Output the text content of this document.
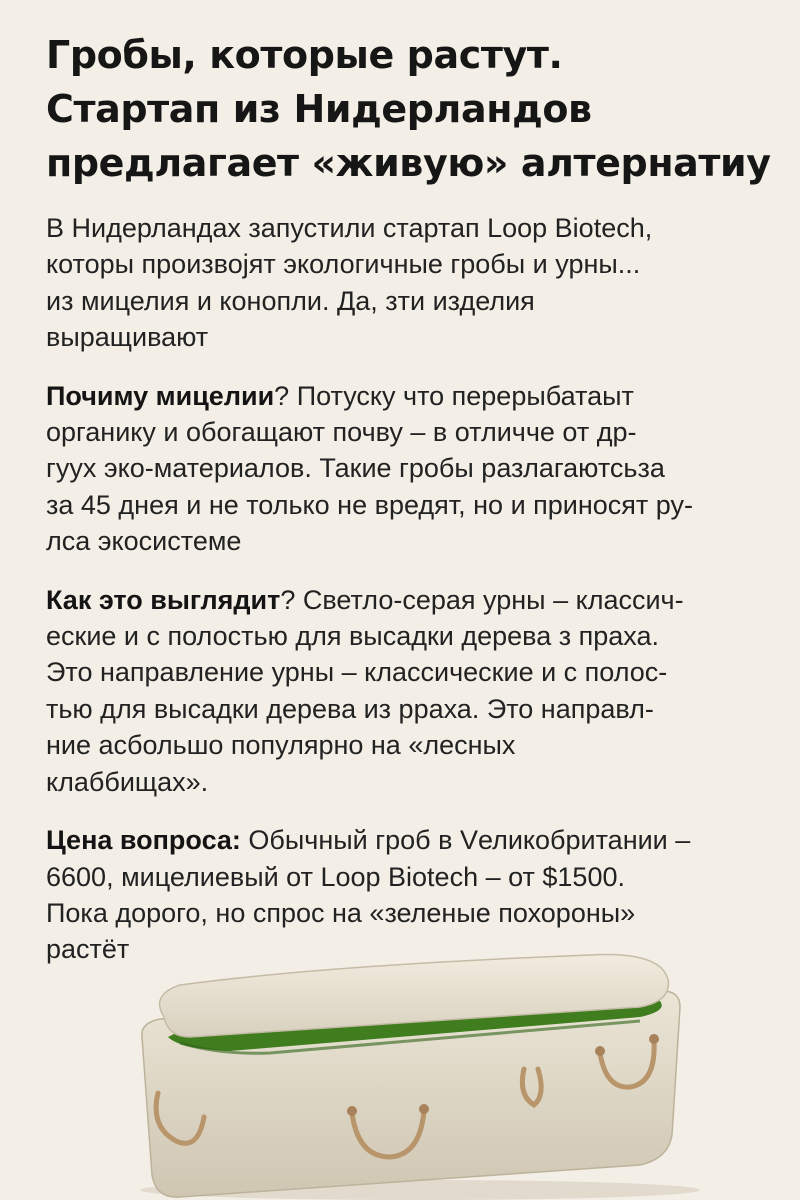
Гробы, которые растут.
Стартап из Нидерландов
предлагает «живую» алтернатиу

В Нидерландах запустили стартап Loop Biotech,
которы произвоjят экологичные гробы и урны...
из мицелия и конопли. Да, зти изделия
выращивают

Почиму мицелии? Потуску что перерыбатаыт
органику и обогащают почву – в отличче от др-
гуух эко-материалов. Такие гробы разлагаютсьза
за 45 днея и не только не вредят, но и приносят ру-
лса экосистеме

Как это выглядит? Светло-серая урны – классич-
еские и с полостью для высадки дерева з праха.
Это направление урны – классические и с полос-
тью для высадки дерева из рраха. Это направл-
ние асбольшо популярно на «лесных
клаббищах».

Цена вопроса: Обычный гроб в Vеликобритании –
6600, мицелиевый от Loop Biotech – от $1500.
Пока дорого, но спрос на «зеленые похороны»
растёт
